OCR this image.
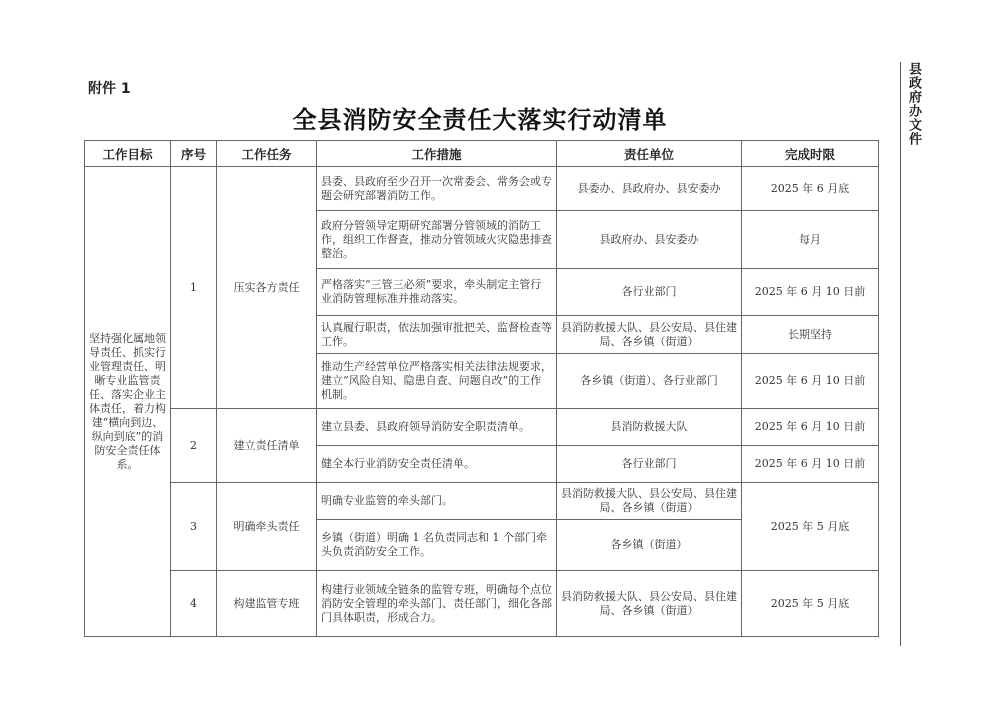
附件 1
全县消防安全责任大落实行动清单	县政府办文件
工作目标	序号	工作任务	工作措施	责任单位	完成时限
坚持强化属地领导责任、抓实行业管理责任、明晰专业监管责任、落实企业主体责任，着力构建“横向到边、纵向到底”的消防安全责任体系。	1	压实各方责任	县委、县政府至少召开一次常委会、常务会或专题会研究部署消防工作。	县委办、县政府办、县安委办	2025 年 6 月底
			政府分管领导定期研究部署分管领域的消防工作，组织工作督查，推动分管领域火灾隐患排查整治。	县政府办、县安委办	每月
			严格落实“三管三必须”要求，牵头制定主管行业消防管理标准并推动落实。	各行业部门	2025 年 6 月 10 日前
			认真履行职责，依法加强审批把关、监督检查等工作。	县消防救援大队、县公安局、县住建局、各乡镇（街道）	长期坚持
			推动生产经营单位严格落实相关法律法规要求，建立“风险自知、隐患自查、问题自改”的工作机制。	各乡镇（街道）、各行业部门	2025 年 6 月 10 日前
	2	建立责任清单	建立县委、县政府领导消防安全职责清单。	县消防救援大队	2025 年 6 月 10 日前
			健全本行业消防安全责任清单。	各行业部门	2025 年 6 月 10 日前
	3	明确牵头责任	明确专业监管的牵头部门。	县消防救援大队、县公安局、县住建局、各乡镇（街道）	2025 年 5 月底
			乡镇（街道）明确 1 名负责同志和 1 个部门牵头负责消防安全工作。	各乡镇（街道）	
	4	构建监管专班	构建行业领域全链条的监管专班，明确每个点位消防安全管理的牵头部门、责任部门，细化各部门具体职责，形成合力。	县消防救援大队、县公安局、县住建局、各乡镇（街道）	2025 年 5 月底
